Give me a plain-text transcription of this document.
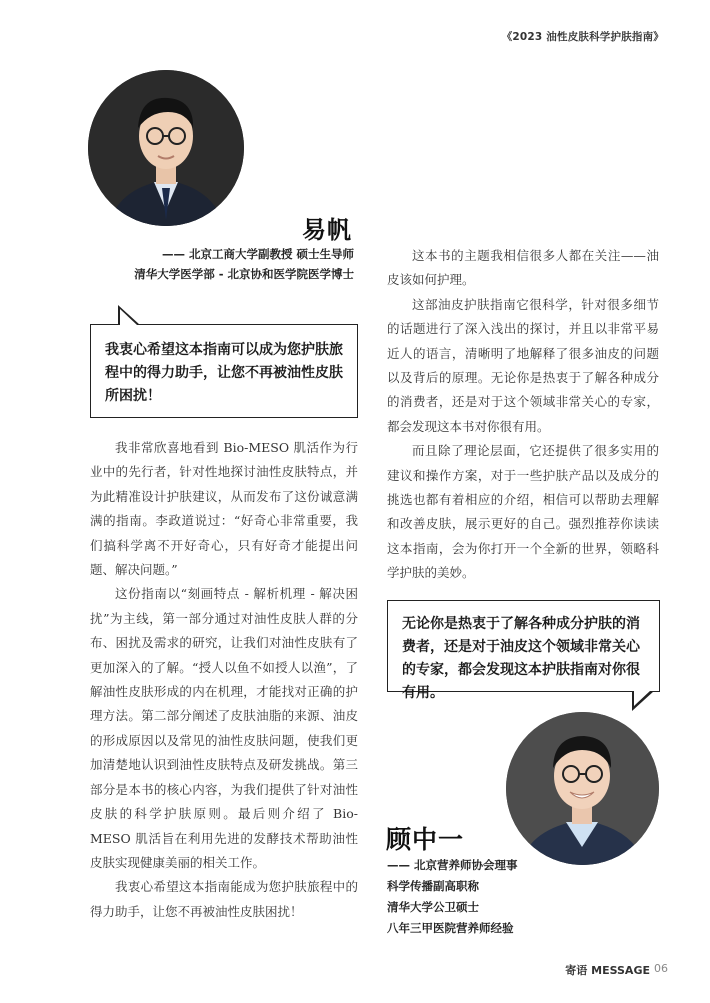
《2023 油性皮肤科学护肤指南》
易帆
—— 北京工商大学副教授 硕士生导师
清华大学医学部 - 北京协和医学院医学博士
我衷心希望这本指南可以成为您护肤旅程中的得力助手，让您不再被油性皮肤所困扰！

我非常欣喜地看到 Bio-MESO 肌活作为行业中的先行者，针对性地探讨油性皮肤特点，并为此精准设计护肤建议，从而发布了这份诚意满满的指南。李政道说过：“好奇心非常重要，我们搞科学离不开好奇心，只有好奇才能提出问题、解决问题。”

这份指南以“刻画特点 - 解析机理 - 解决困扰”为主线，第一部分通过对油性皮肤人群的分布、困扰及需求的研究，让我们对油性皮肤有了更加深入的了解。“授人以鱼不如授人以渔”，了解油性皮肤形成的内在机理，才能找对正确的护理方法。第二部分阐述了皮肤油脂的来源、油皮的形成原因以及常见的油性皮肤问题，使我们更加清楚地认识到油性皮肤特点及研发挑战。第三部分是本书的核心内容，为我们提供了针对油性皮肤的科学护肤原则。最后则介绍了 Bio-MESO 肌活旨在利用先进的发酵技术帮助油性皮肤实现健康美丽的相关工作。

我衷心希望这本指南能成为您护肤旅程中的得力助手，让您不再被油性皮肤困扰！

这本书的主题我相信很多人都在关注——油皮该如何护理。

这部油皮护肤指南它很科学，针对很多细节的话题进行了深入浅出的探讨，并且以非常平易近人的语言，清晰明了地解释了很多油皮的问题以及背后的原理。无论你是热衷于了解各种成分的消费者，还是对于这个领域非常关心的专家，都会发现这本书对你很有用。

而且除了理论层面，它还提供了很多实用的建议和操作方案，对于一些护肤产品以及成分的挑选也都有着相应的介绍，相信可以帮助去理解和改善皮肤，展示更好的自己。强烈推荐你读读这本指南，会为你打开一个全新的世界，领略科学护肤的美妙。

无论你是热衷于了解各种成分护肤的消费者，还是对于油皮这个领域非常关心的专家，都会发现这本护肤指南对你很有用。
顾中一
—— 北京营养师协会理事
科学传播副高职称
清华大学公卫硕士
八年三甲医院营养师经验
寄语 MESSAGE 06
